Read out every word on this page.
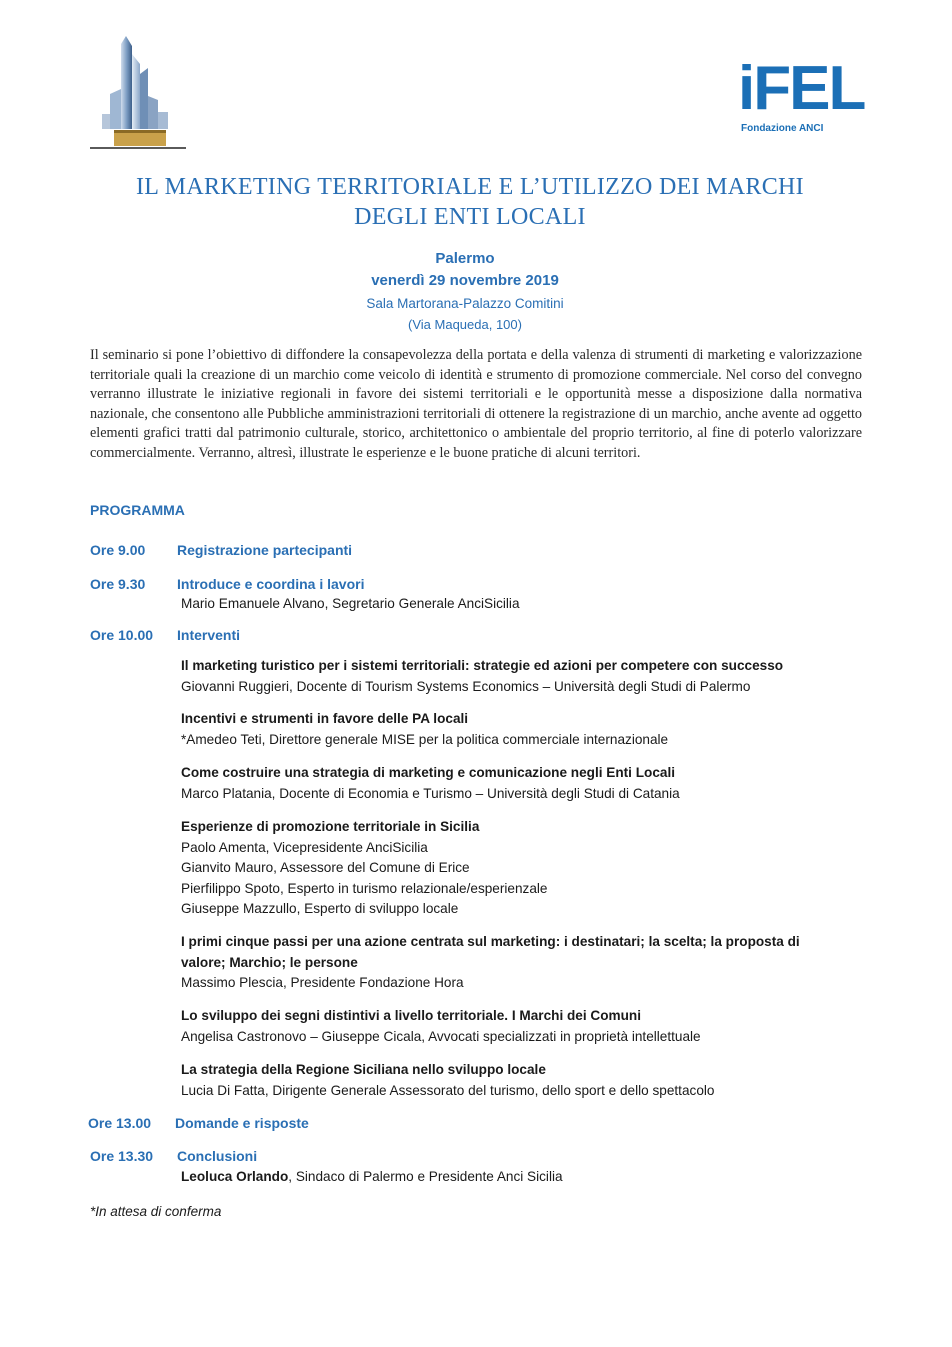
iFEL
Fondazione ANCI
IL MARKETING TERRITORIALE E L’UTILIZZO DEI MARCHI
DEGLI ENTI LOCALI
Palermo
venerdì 29 novembre 2019
Sala Martorana-Palazzo Comitini
(Via Maqueda, 100)
Il seminario si pone l’obiettivo di diffondere la consapevolezza della portata e della valenza di strumenti di marketing e valorizzazione territoriale quali la creazione di un marchio come veicolo di identità e strumento di promozione commerciale. Nel corso del convegno verranno illustrate le iniziative regionali in favore dei sistemi territoriali e le opportunità messe a disposizione dalla normativa nazionale, che consentono alle Pubbliche amministrazioni territoriali di ottenere la registrazione di un marchio, anche avente ad oggetto elementi grafici tratti dal patrimonio culturale, storico, architettonico o ambientale del proprio territorio, al fine di poterlo valorizzare commercialmente. Verranno, altresì, illustrate le esperienze e le buone pratiche di alcuni territori.
PROGRAMMA
Ore 9.00 Registrazione partecipanti
Ore 9.30 Introduce e coordina i lavori
Mario Emanuele Alvano, Segretario Generale AnciSicilia
Ore 10.00 Interventi
Il marketing turistico per i sistemi territoriali: strategie ed azioni per competere con successo
Giovanni Ruggieri, Docente di Tourism Systems Economics – Università degli Studi di Palermo
Incentivi e strumenti in favore delle PA locali
*Amedeo Teti, Direttore generale MISE per la politica commerciale internazionale
Come costruire una strategia di marketing e comunicazione negli Enti Locali
Marco Platania, Docente di Economia e Turismo – Università degli Studi di Catania
Esperienze di promozione territoriale in Sicilia
Paolo Amenta, Vicepresidente AnciSicilia
Gianvito Mauro, Assessore del Comune di Erice
Pierfilippo Spoto, Esperto in turismo relazionale/esperienzale
Giuseppe Mazzullo, Esperto di sviluppo locale
I primi cinque passi per una azione centrata sul marketing: i destinatari; la scelta; la proposta di
valore; Marchio; le persone
Massimo Plescia, Presidente Fondazione Hora
Lo sviluppo dei segni distintivi a livello territoriale. I Marchi dei Comuni
Angelisa Castronovo – Giuseppe Cicala, Avvocati specializzati in proprietà intellettuale
La strategia della Regione Siciliana nello sviluppo locale
Lucia Di Fatta, Dirigente Generale Assessorato del turismo, dello sport e dello spettacolo
Ore 13.00 Domande e risposte
Ore 13.30 Conclusioni
Leoluca Orlando, Sindaco di Palermo e Presidente Anci Sicilia
*In attesa di conferma
